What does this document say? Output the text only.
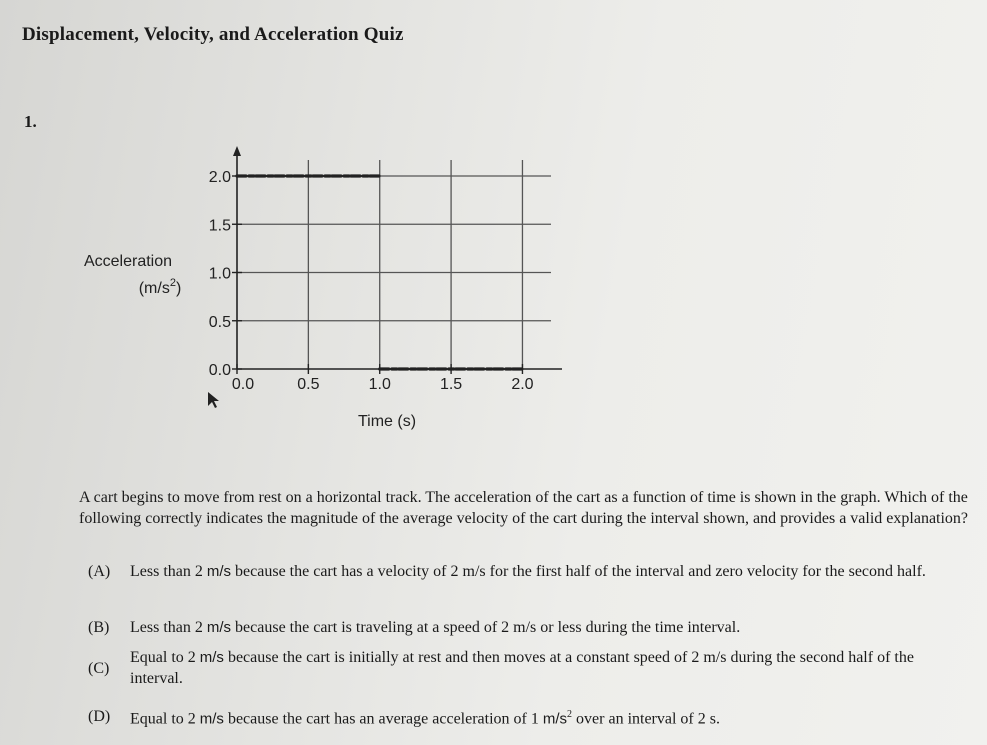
Displacement, Velocity, and Acceleration Quiz
1.
0.0
0.5
1.0
1.5
2.0
0.0	0.5	1.0	1.5	2.0
Acceleration
$(m/s^2)$
Time (s)
A cart begins to move from rest on a horizontal track. The acceleration of the cart as a function of time is shown in the graph. Which of the following correctly indicates the magnitude of the average velocity of the cart during the interval shown, and provides a valid explanation?
(A)	Less than 2 m/s because the cart has a velocity of 2 m/s for the first half of the interval and zero velocity for the second half.
(B)	Less than 2 m/s because the cart is traveling at a speed of 2 m/s or less during the time interval.
(C)
Equal to 2 m/s because the cart is initially at rest and then moves at a constant speed of 2 m/s during the second half of the interval.
(D)	Equal to 2 m/s because the cart has an average acceleration of 1 $m/s^2$ over an interval of 2 s.
